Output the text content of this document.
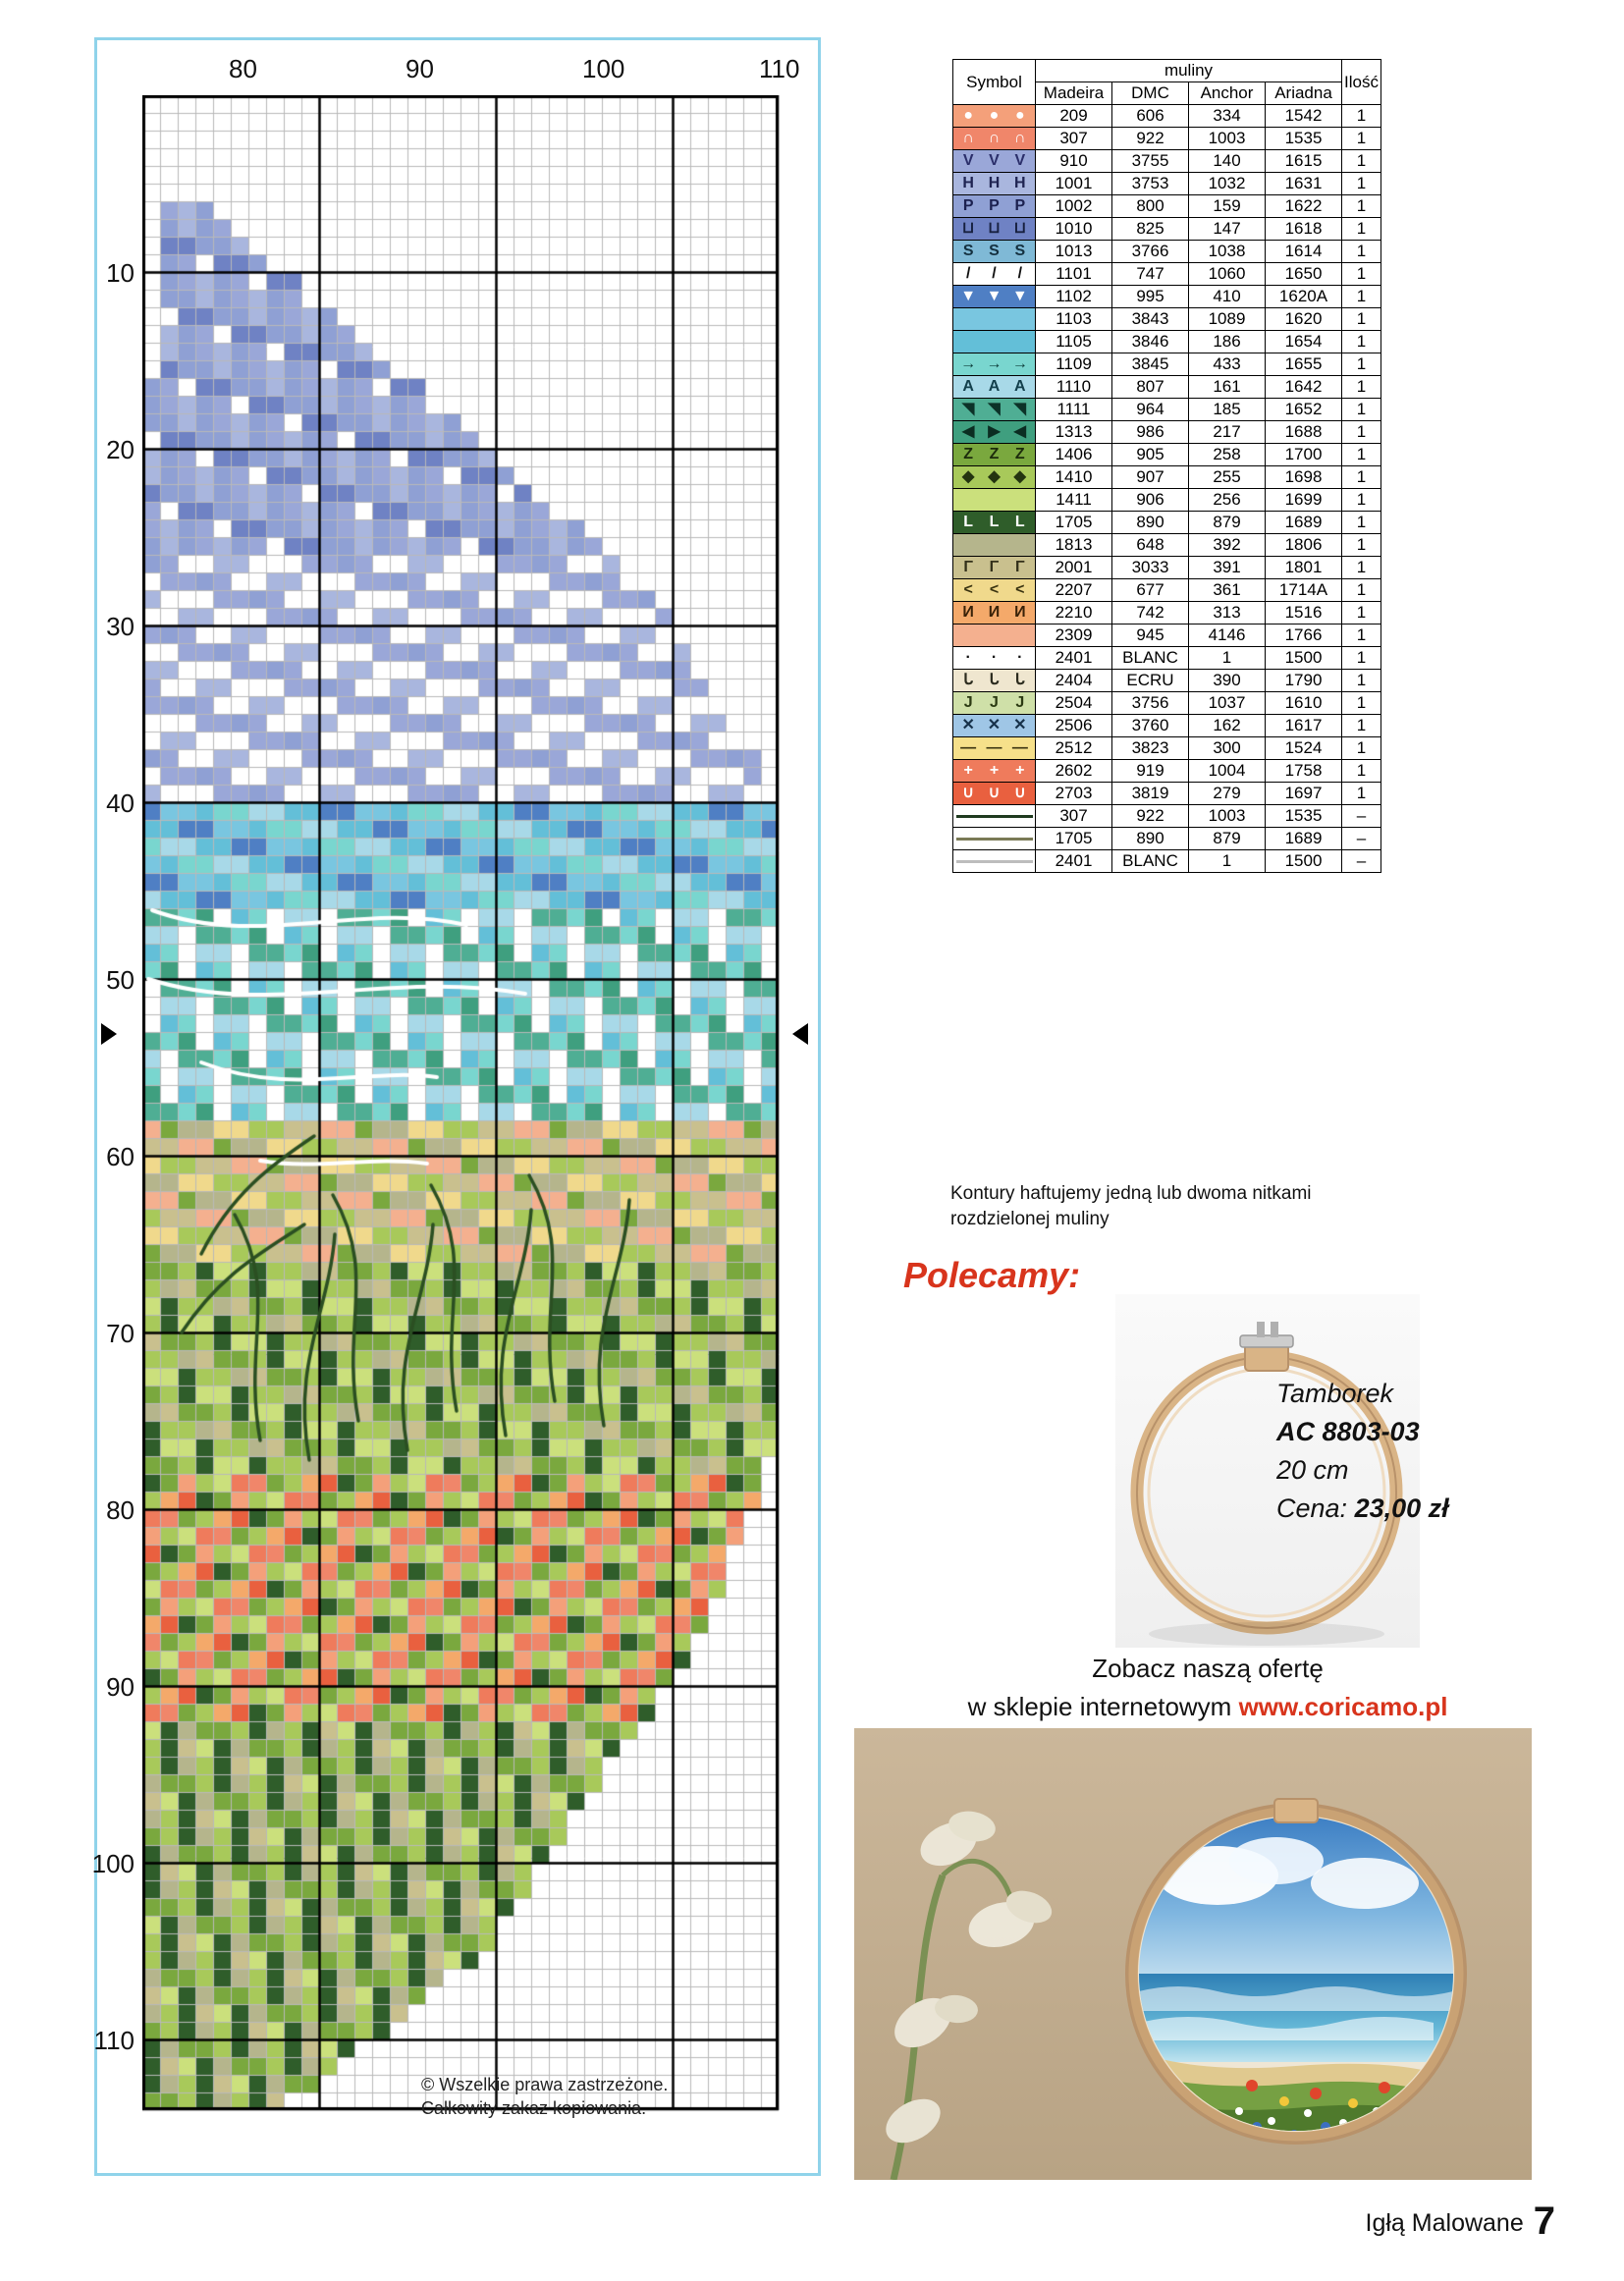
80	90	100	110
10
20
30
40
50
60
70
80
90
100
110
© Wszelkie prawa zastrzeżone.
Całkowity zakaz kopiowania.
Symbol	muliny				Ilość
	Madeira	DMC	Anchor	Ariadna	

● ● ●	209	606	334	1542	1

∩ ∩ ∩	307	922	1003	1535	1

V V V	910	3755	140	1615	1

H H H	1001	3753	1032	1631	1

P P P	1002	800	159	1622	1

⊔ ⊔ ⊔	1010	825	147	1618	1

S S S	1013	3766	1038	1614	1

/ / /	1101	747	1060	1650	1

▼ ▼ ▼	1102	995	410	1620A	1

	1103	3843	1089	1620	1

	1105	3846	186	1654	1

→ → →	1109	3845	433	1655	1

A A A	1110	807	161	1642	1

◥ ◥ ◥	1111	964	185	1652	1

◀ ▶ ◀	1313	986	217	1688	1

Z Z Z	1406	905	258	1700	1

◆ ◆ ◆	1410	907	255	1698	1

	1411	906	256	1699	1

L L L	1705	890	879	1689	1

	1813	648	392	1806	1

Γ Γ Γ	2001	3033	391	1801	1

< < <	2207	677	361	1714A	1

И И И	2210	742	313	1516	1

	2309	945	4146	1766	1

· · ·	2401	BLANC	1	1500	1

ᒐ ᒐ ᒐ	2404	ECRU	390	1790	1

J J J	2504	3756	1037	1610	1

✕ ✕ ✕	2506	3760	162	1617	1

— — —	2512	3823	300	1524	1

+ + +	2602	919	1004	1758	1

∪ ∪ ∪	2703	3819	279	1697	1

	307	922	1003	1535	–

	1705	890	879	1689	–

	2401	BLANC	1	1500	–
Kontury haftujemy jedną lub dwoma nitkami
rozdzielonej muliny
Polecamy:
Tamborek
AC 8803-03
20 cm
Cena: 23,00 zł
Zobacz naszą ofertę
w sklepie internetowym www.coricamo.pl
Igłą Malowane 7
